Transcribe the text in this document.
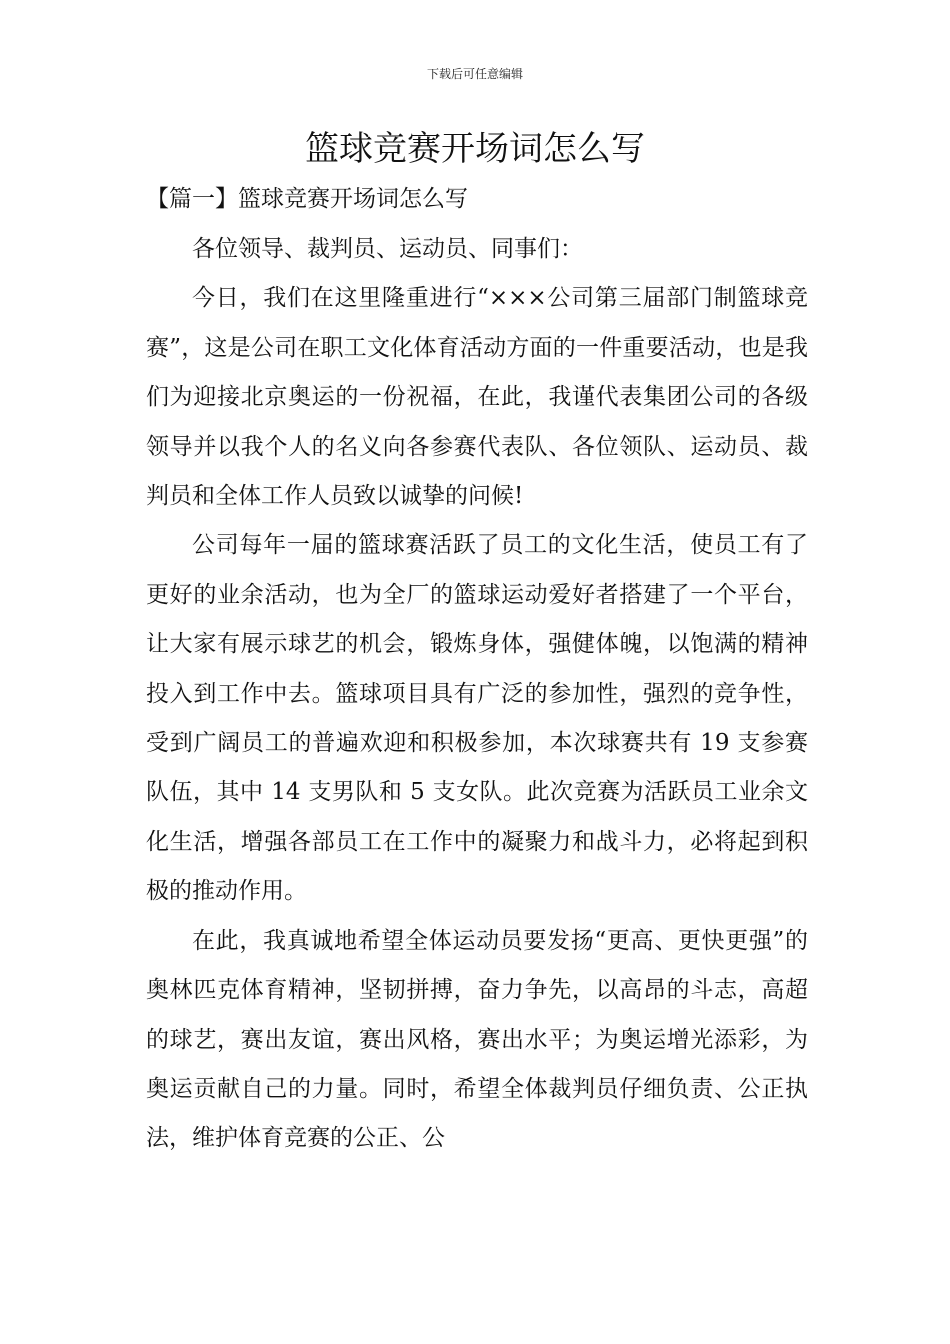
下载后可任意编辑
篮球竞赛开场词怎么写
【篇一】篮球竞赛开场词怎么写

各位领导、裁判员、运动员、同事们：

今日，我们在这里隆重进行“×××公司第三届部门制篮球竞赛”，这是公司在职工文化体育活动方面的一件重要活动，也是我们为迎接北京奥运的一份祝福，在此，我谨代表集团公司的各级领导并以我个人的名义向各参赛代表队、各位领队、运动员、裁判员和全体工作人员致以诚挚的问候!

公司每年一届的篮球赛活跃了员工的文化生活，使员工有了更好的业余活动，也为全厂的篮球运动爱好者搭建了一个平台，让大家有展示球艺的机会，锻炼身体，强健体魄，以饱满的精神投入到工作中去。篮球项目具有广泛的参加性，强烈的竞争性，受到广阔员工的普遍欢迎和积极参加，本次球赛共有 19 支参赛队伍，其中 14 支男队和 5 支女队。此次竞赛为活跃员工业余文化生活，增强各部员工在工作中的凝聚力和战斗力，必将起到积极的推动作用。

在此，我真诚地希望全体运动员要发扬“更高、更快更强”的奥林匹克体育精神，坚韧拼搏，奋力争先，以高昂的斗志，高超的球艺，赛出友谊，赛出风格，赛出水平；为奥运增光添彩，为奥运贡献自己的力量。同时，希望全体裁判员仔细负责、公正执法，维护体育竞赛的公正、公
